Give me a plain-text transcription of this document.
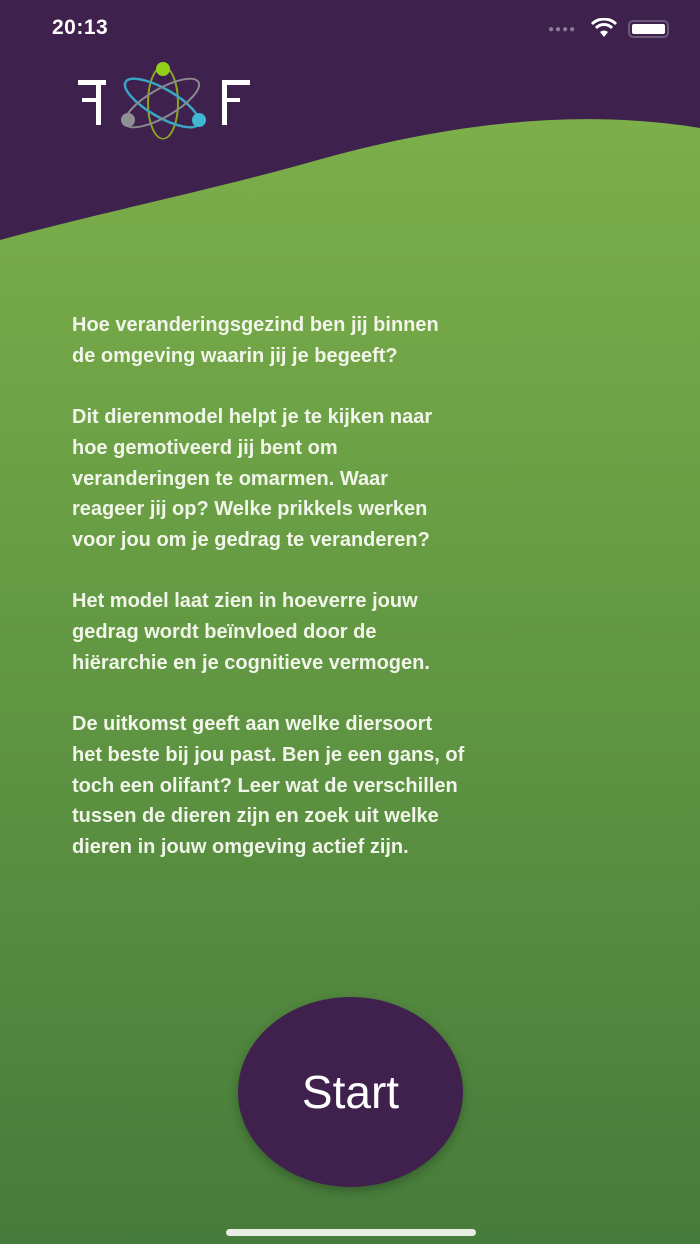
20:13	●●●●

Hoe veranderingsgezind ben jij binnen
de omgeving waarin jij je begeeft?

Dit dierenmodel helpt je te kijken naar
hoe gemotiveerd jij bent om
veranderingen te omarmen. Waar
reageer jij op? Welke prikkels werken
voor jou om je gedrag te veranderen?

Het model laat zien in hoeverre jouw
gedrag wordt beïnvloed door de
hiërarchie en je cognitieve vermogen.

De uitkomst geeft aan welke diersoort
het beste bij jou past. Ben je een gans, of
toch een olifant? Leer wat de verschillen
tussen de dieren zijn en zoek uit welke
dieren in jouw omgeving actief zijn.

Start
